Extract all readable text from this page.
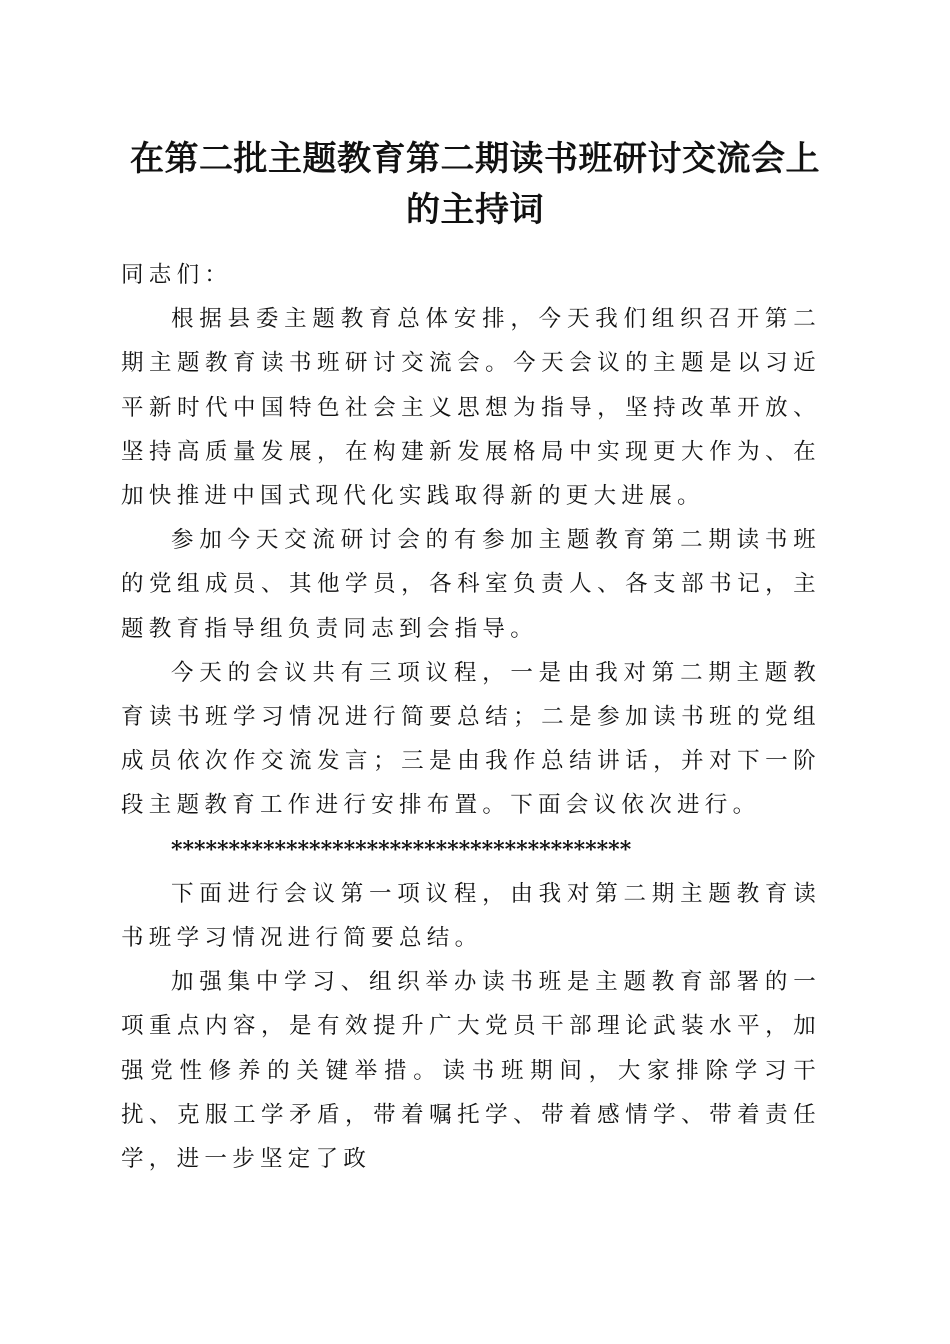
在第二批主题教育第二期读书班研讨交流会上
的主持词

同志们：

根据县委主题教育总体安排，今天我们组织召开第二期主题教育读书班研讨交流会。今天会议的主题是以习近平新时代中国特色社会主义思想为指导，坚持改革开放、坚持高质量发展，在构建新发展格局中实现更大作为、在加快推进中国式现代化实践取得新的更大进展。

参加今天交流研讨会的有参加主题教育第二期读书班的党组成员、其他学员，各科室负责人、各支部书记，主题教育指导组负责同志到会指导。

今天的会议共有三项议程，一是由我对第二期主题教育读书班学习情况进行简要总结；二是参加读书班的党组成员依次作交流发言；三是由我作总结讲话，并对下一阶段主题教育工作进行安排布置。下面会议依次进行。

****************************************

下面进行会议第一项议程，由我对第二期主题教育读书班学习情况进行简要总结。

加强集中学习、组织举办读书班是主题教育部署的一项重点内容，是有效提升广大党员干部理论武装水平，加强党性修养的关键举措。读书班期间，大家排除学习干扰、克服工学矛盾，带着嘱托学、带着感情学、带着责任学，进一步坚定了政
